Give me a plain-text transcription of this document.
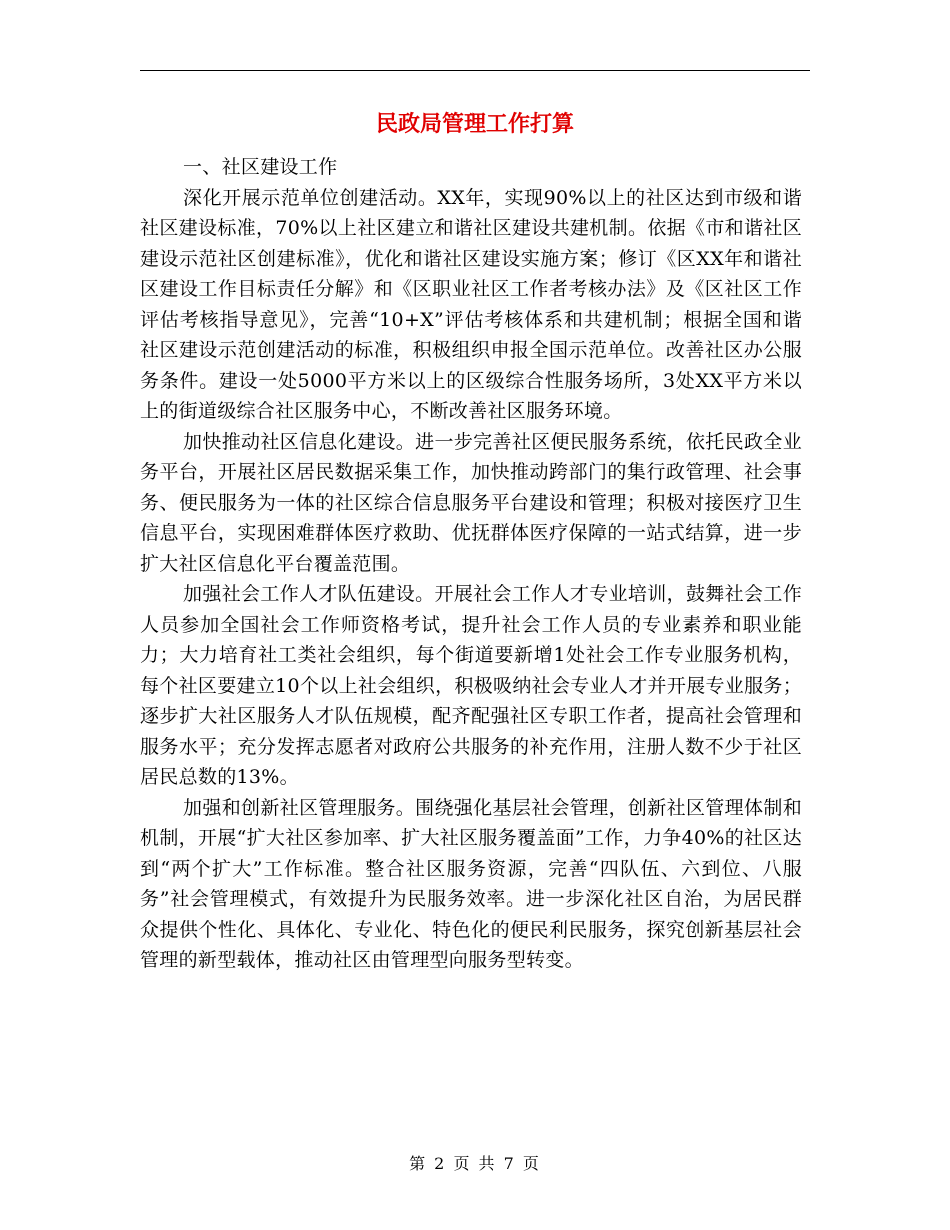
民政局管理工作打算

一、社区建设工作

深化开展示范单位创建活动。XX年，实现90%以上的社区达到市级和谐社区建设标准，70%以上社区建立和谐社区建设共建机制。依据《市和谐社区建设示范社区创建标准》，优化和谐社区建设实施方案；修订《区XX年和谐社区建设工作目标责任分解》和《区职业社区工作者考核办法》及《区社区工作评估考核指导意见》，完善“10+X”评估考核体系和共建机制；根据全国和谐社区建设示范创建活动的标准，积极组织申报全国示范单位。改善社区办公服务条件。建设一处5000平方米以上的区级综合性服务场所，3处XX平方米以上的街道级综合社区服务中心，不断改善社区服务环境。

加快推动社区信息化建设。进一步完善社区便民服务系统，依托民政全业务平台，开展社区居民数据采集工作，加快推动跨部门的集行政管理、社会事务、便民服务为一体的社区综合信息服务平台建设和管理；积极对接医疗卫生信息平台，实现困难群体医疗救助、优抚群体医疗保障的一站式结算，进一步扩大社区信息化平台覆盖范围。

加强社会工作人才队伍建设。开展社会工作人才专业培训，鼓舞社会工作人员参加全国社会工作师资格考试，提升社会工作人员的专业素养和职业能力；大力培育社工类社会组织，每个街道要新增1处社会工作专业服务机构，每个社区要建立10个以上社会组织，积极吸纳社会专业人才并开展专业服务；逐步扩大社区服务人才队伍规模，配齐配强社区专职工作者，提高社会管理和服务水平；充分发挥志愿者对政府公共服务的补充作用，注册人数不少于社区居民总数的13%。

加强和创新社区管理服务。围绕强化基层社会管理，创新社区管理体制和机制，开展“扩大社区参加率、扩大社区服务覆盖面”工作，力争40%的社区达到“两个扩大”工作标准。整合社区服务资源，完善“四队伍、六到位、八服务”社会管理模式，有效提升为民服务效率。进一步深化社区自治，为居民群众提供个性化、具体化、专业化、特色化的便民利民服务，探究创新基层社会管理的新型载体，推动社区由管理型向服务型转变。

第 2 页 共 7 页
